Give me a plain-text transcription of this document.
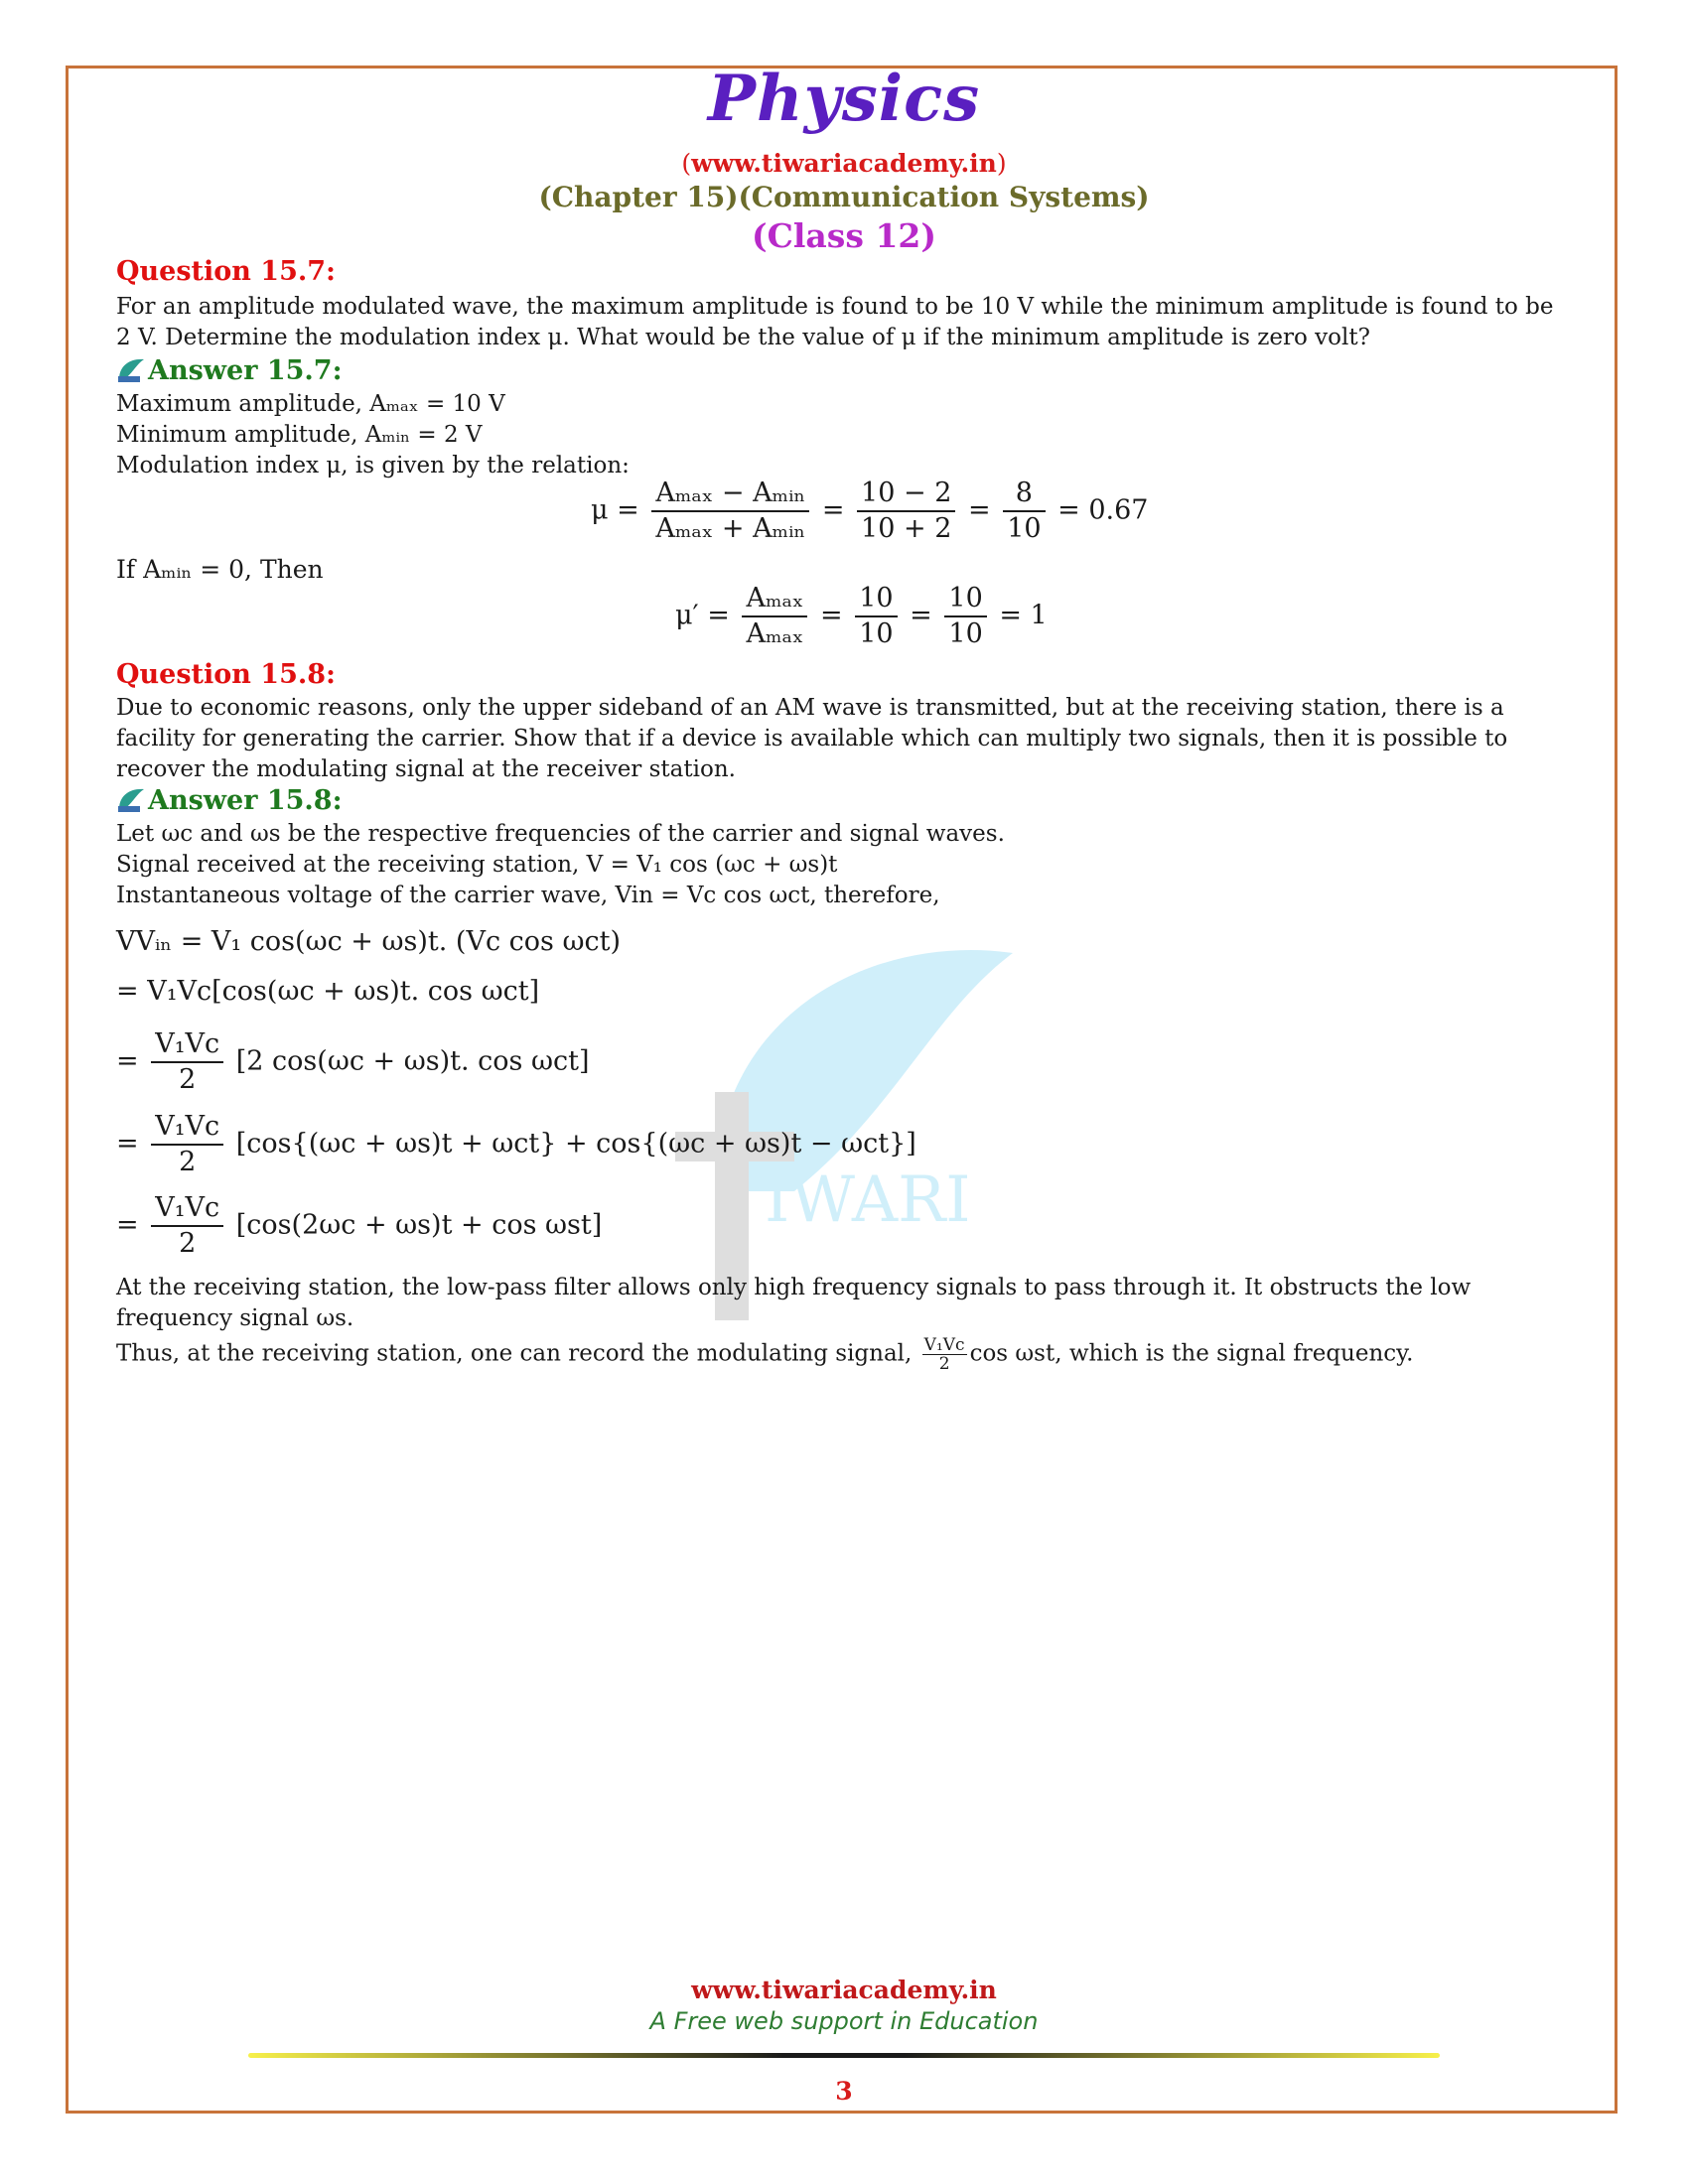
IWARI
Physics
(www.tiwariacademy.in)
(Chapter 15)(Communication Systems)
(Class 12)
Question 15.7:
For an amplitude modulated wave, the maximum amplitude is found to be 10 V while the minimum amplitude is found to be 2 V. Determine the modulation index μ. What would be the value of μ if the minimum amplitude is zero volt?
Answer 15.7:
Maximum amplitude, Aₘₐₓ = 10 V
Minimum amplitude, Aₘᵢₙ = 2 V
Modulation index μ, is given by the relation:
$\mu = \frac{\text{Aₘₐₓ − Aₘᵢₙ}}{\text{Aₘₐₓ + Aₘᵢₙ}} = \frac{10 - 2}{10 + 2} = \frac{8}{10} = 0.67$
If Aₘᵢₙ = 0, Then
$\mu' = \frac{\text{Aₘₐₓ}}{\text{Aₘₐₓ}} = \frac{10}{10} = \frac{10}{10} = 1$
Question 15.8:
Due to economic reasons, only the upper sideband of an AM wave is transmitted, but at the receiving station, there is a facility for generating the carrier. Show that if a device is available which can multiply two signals, then it is possible to recover the modulating signal at the receiver station.
Answer 15.8:
Let ωc and ωs be the respective frequencies of the carrier and signal waves.
Signal received at the receiving station, V = V₁ cos (ωc + ωs)t
Instantaneous voltage of the carrier wave, Vin = Vc cos ωct, therefore,
VVᵢₙ = V₁ cos(ωc + ωs)t. (Vc cos ωct)
= V₁Vc[cos(ωc + ωs)t. cos ωct]
= $\frac{\text{V₁Vc}}{2} [2$ cos(ωc + ωs)t. cos ωct]
= $\frac{\text{V₁Vc}}{2} [\cos\{(\omega c + \omega s)t + \omega ct\} + \cos\{(\omega c + \omega s)t - \omega ct\}]$
= $\frac{\text{V₁Vc}}{2} [\cos(2\omega c + \omega s)t + \cos \omega st]$
At the receiving station, the low-pass filter allows only high frequency signals to pass through it. It obstructs the low frequency signal ωs.
Thus, at the receiving station, one can record the modulating signal, $\frac{\text{V₁Vc}}{2}$ cos ωst, which is the signal frequency.
www.tiwariacademy.in
A Free web support in Education
3
